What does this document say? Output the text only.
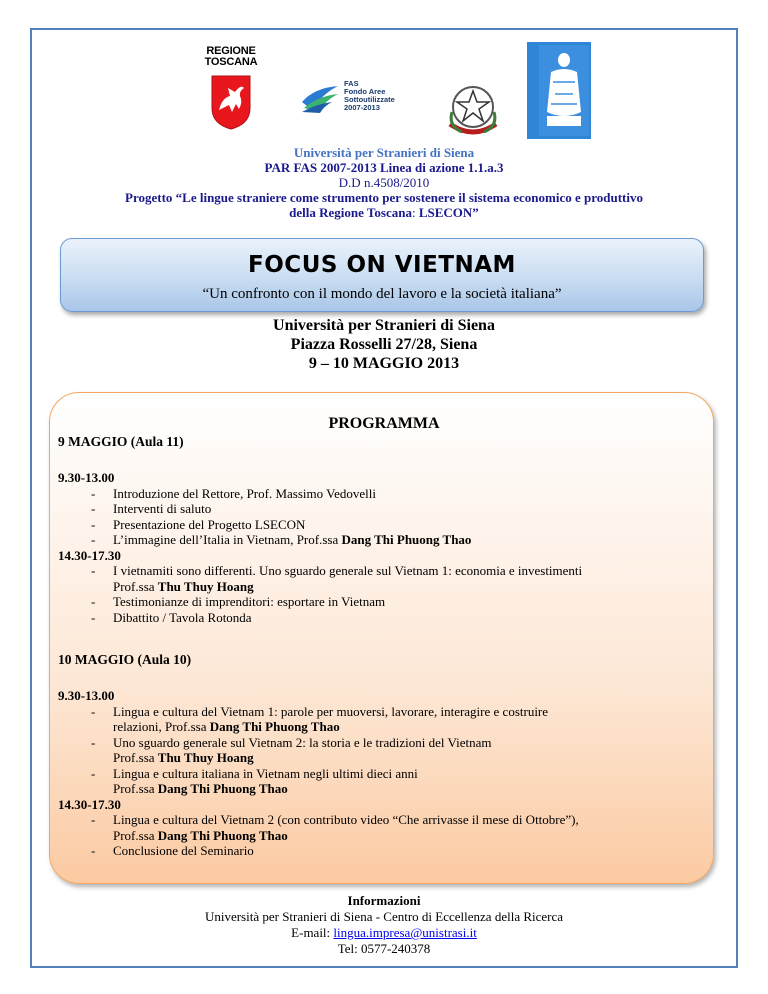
REGIONE
TOSCANA
FAS
Fondo Aree
Sottoutilizzate
2007-2013
Università per Stranieri di Siena
PAR FAS 2007-2013 Linea di azione 1.1.a.3
D.D n.4508/2010
Progetto “Le lingue straniere come strumento per sostenere il sistema economico e produttivo
della Regione Toscana: LSECON”
FOCUS ON VIETNAM
“Un confronto con il mondo del lavoro e la società italiana”
Università per Stranieri di Siena
Piazza Rosselli 27/28, Siena
9 – 10 MAGGIO 2013
PROGRAMMA
9 MAGGIO (Aula 11)
9.30-13.00
- Introduzione del Rettore, Prof. Massimo Vedovelli
- Interventi di saluto
- Presentazione del Progetto LSECON
- L’immagine dell’Italia in Vietnam, Prof.ssa Dang Thi Phuong Thao
14.30-17.30
- I vietnamiti sono differenti. Uno sguardo generale sul Vietnam 1: economia e investimenti
Prof.ssa Thu Thuy Hoang
- Testimonianze di imprenditori: esportare in Vietnam
- Dibattito / Tavola Rotonda
10 MAGGIO (Aula 10)
9.30-13.00
- Lingua e cultura del Vietnam 1: parole per muoversi, lavorare, interagire e costruire
relazioni, Prof.ssa Dang Thi Phuong Thao
- Uno sguardo generale sul Vietnam 2: la storia e le tradizioni del Vietnam
Prof.ssa Thu Thuy Hoang
- Lingua e cultura italiana in Vietnam negli ultimi dieci anni
Prof.ssa Dang Thi Phuong Thao
14.30-17.30
- Lingua e cultura del Vietnam 2 (con contributo video “Che arrivasse il mese di Ottobre”),
Prof.ssa Dang Thi Phuong Thao
- Conclusione del Seminario
Informazioni
Università per Stranieri di Siena - Centro di Eccellenza della Ricerca
E-mail: lingua.impresa@unistrasi.it
Tel: 0577-240378
